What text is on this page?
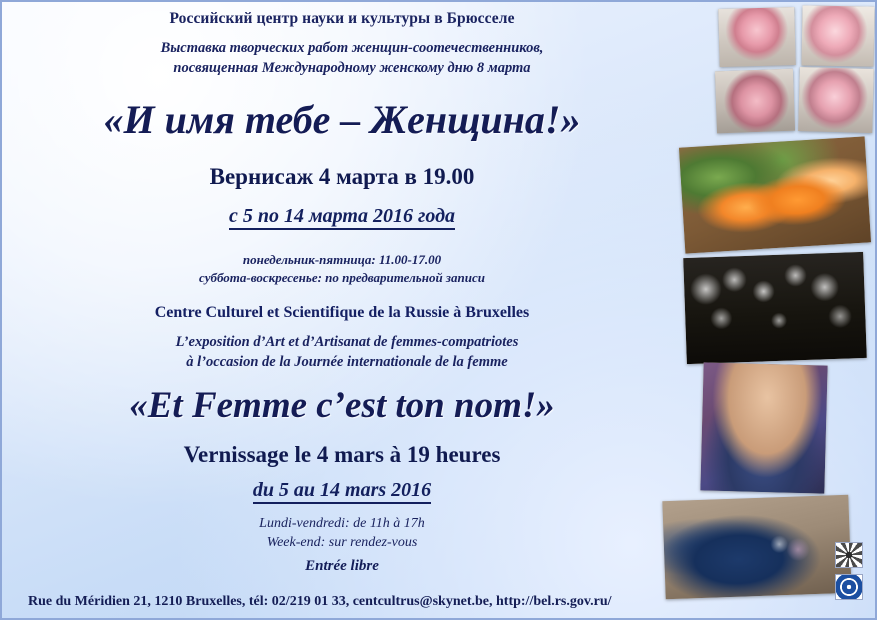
Российский центр науки и культуры в Брюсселе
Выставка творческих работ женщин-соотечественников,
посвященная Международному женскому дню 8 марта
«И имя тебе – Женщина!»
Вернисаж 4 марта в 19.00
с 5 по 14 марта 2016 года
понедельник-пятница: 11.00-17.00
суббота-воскресенье: по предварительной записи
Centre Culturel et Scientifique de la Russie à Bruxelles
L’exposition d’Art et d’Artisanat de femmes-compatriotes
à l’occasion de la Journée internationale de la femme
«Et Femme c’est ton nom!»
Vernissage le 4 mars à 19 heures
du 5 au 14 mars 2016
Lundi-vendredi: de 11h à 17h
Week-end: sur rendez-vous
Entrée libre
Rue du Méridien 21, 1210 Bruxelles, tél: 02/219 01 33, centcultrus@skynet.be, http://bel.rs.gov.ru/
